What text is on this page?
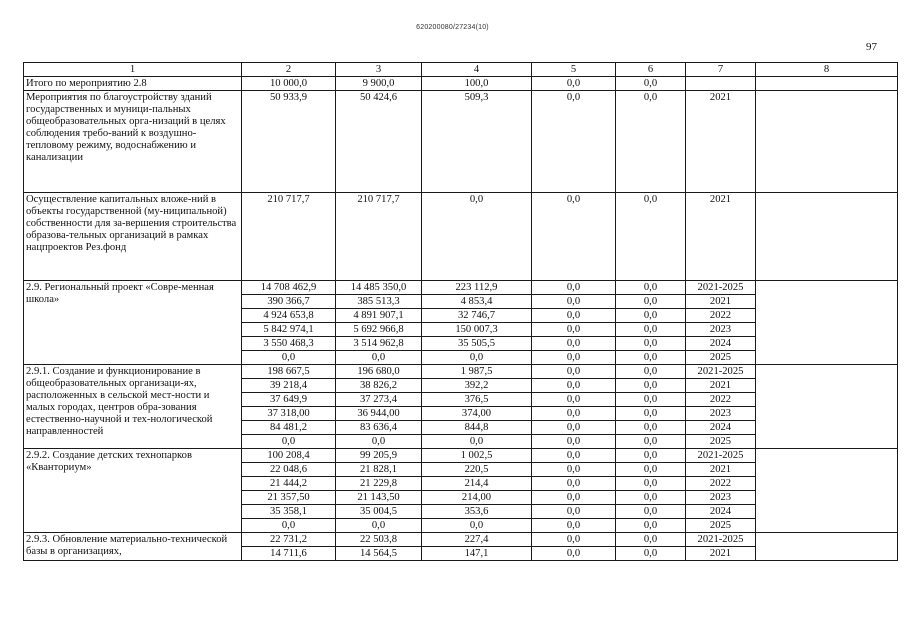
620200080/27234(10)
97
1	2	3	4	5	6	7	8
Итого по мероприятию 2.8	10 000,0	9 900,0	100,0	0,0	0,0		
Мероприятия по благоустройству зданий государственных и муници-пальных общеобразовательных орга-низаций в целях соблюдения требо-ваний к воздушно-тепловому режиму, водоснабжению и канализации	50 933,9	50 424,6	509,3	0,0	0,0	2021	
Осуществление капитальных вложе-ний в объекты государственной (му-ниципальной) собственности для за-вершения строительства образова-тельных организаций в рамках нацпроектов Рез.фонд	210 717,7	210 717,7	0,0	0,0	0,0	2021	
2.9. Региональный проект «Совре-менная школа»	14 708 462,9	14 485 350,0	223 112,9	0,0	0,0	2021-2025	
	390 366,7	385 513,3	4 853,4	0,0	0,0	2021	
	4 924 653,8	4 891 907,1	32 746,7	0,0	0,0	2022	
	5 842 974,1	5 692 966,8	150 007,3	0,0	0,0	2023	
	3 550 468,3	3 514 962,8	35 505,5	0,0	0,0	2024	
	0,0	0,0	0,0	0,0	0,0	2025	
2.9.1. Создание и функционирование в общеобразовательных организаци-ях, расположенных в сельской мест-ности и малых городах, центров обра-зования естественно-научной и тех-нологической направленностей	198 667,5	196 680,0	1 987,5	0,0	0,0	2021-2025	
	39 218,4	38 826,2	392,2	0,0	0,0	2021	
	37 649,9	37 273,4	376,5	0,0	0,0	2022	
	37 318,00	36 944,00	374,00	0,0	0,0	2023	
	84 481,2	83 636,4	844,8	0,0	0,0	2024	
	0,0	0,0	0,0	0,0	0,0	2025	
2.9.2. Создание детских технопарков «Кванториум»	100 208,4	99 205,9	1 002,5	0,0	0,0	2021-2025	
	22 048,6	21 828,1	220,5	0,0	0,0	2021	
	21 444,2	21 229,8	214,4	0,0	0,0	2022	
	21 357,50	21 143,50	214,00	0,0	0,0	2023	
	35 358,1	35 004,5	353,6	0,0	0,0	2024	
	0,0	0,0	0,0	0,0	0,0	2025	
2.9.3. Обновление материально-технической базы в организациях,	22 731,2	22 503,8	227,4	0,0	0,0	2021-2025	
	14 711,6	14 564,5	147,1	0,0	0,0	2021	
